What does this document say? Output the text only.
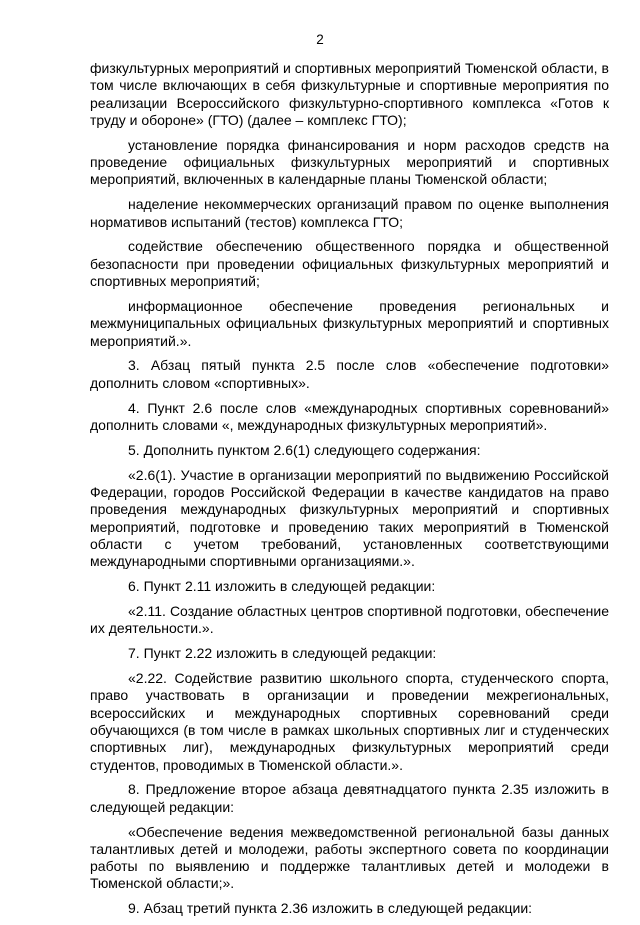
2

физкультурных мероприятий и спортивных мероприятий Тюменской области, в том числе включающих в себя физкультурные и спортивные мероприятия по реализации Всероссийского физкультурно-спортивного комплекса «Готов к труду и обороне» (ГТО) (далее – комплекс ГТО);

установление порядка финансирования и норм расходов средств на проведение официальных физкультурных мероприятий и спортивных мероприятий, включенных в календарные планы Тюменской области;

наделение некоммерческих организаций правом по оценке выполнения нормативов испытаний (тестов) комплекса ГТО;

содействие обеспечению общественного порядка и общественной безопасности при проведении официальных физкультурных мероприятий и спортивных мероприятий;

информационное обеспечение проведения региональных и межмуниципальных официальных физкультурных мероприятий и спортивных мероприятий.».

3. Абзац пятый пункта 2.5 после слов «обеспечение подготовки» дополнить словом «спортивных».

4. Пункт 2.6 после слов «международных спортивных соревнований» дополнить словами «, международных физкультурных мероприятий».

5. Дополнить пунктом 2.6(1) следующего содержания:

«2.6(1). Участие в организации мероприятий по выдвижению Российской Федерации, городов Российской Федерации в качестве кандидатов на право проведения международных физкультурных мероприятий и спортивных мероприятий, подготовке и проведению таких мероприятий в Тюменской области с учетом требований, установленных соответствующими международными спортивными организациями.».

6. Пункт 2.11 изложить в следующей редакции:

«2.11. Создание областных центров спортивной подготовки, обеспечение их деятельности.».

7. Пункт 2.22 изложить в следующей редакции:

«2.22. Содействие развитию школьного спорта, студенческого спорта, право участвовать в организации и проведении межрегиональных, всероссийских и международных спортивных соревнований среди обучающихся (в том числе в рамках школьных спортивных лиг и студенческих спортивных лиг), международных физкультурных мероприятий среди студентов, проводимых в Тюменской области.».

8. Предложение второе абзаца девятнадцатого пункта 2.35 изложить в следующей редакции:

«Обеспечение ведения межведомственной региональной базы данных талантливых детей и молодежи, работы экспертного совета по координации работы по выявлению и поддержке талантливых детей и молодежи в Тюменской области;».

9. Абзац третий пункта 2.36 изложить в следующей редакции:
